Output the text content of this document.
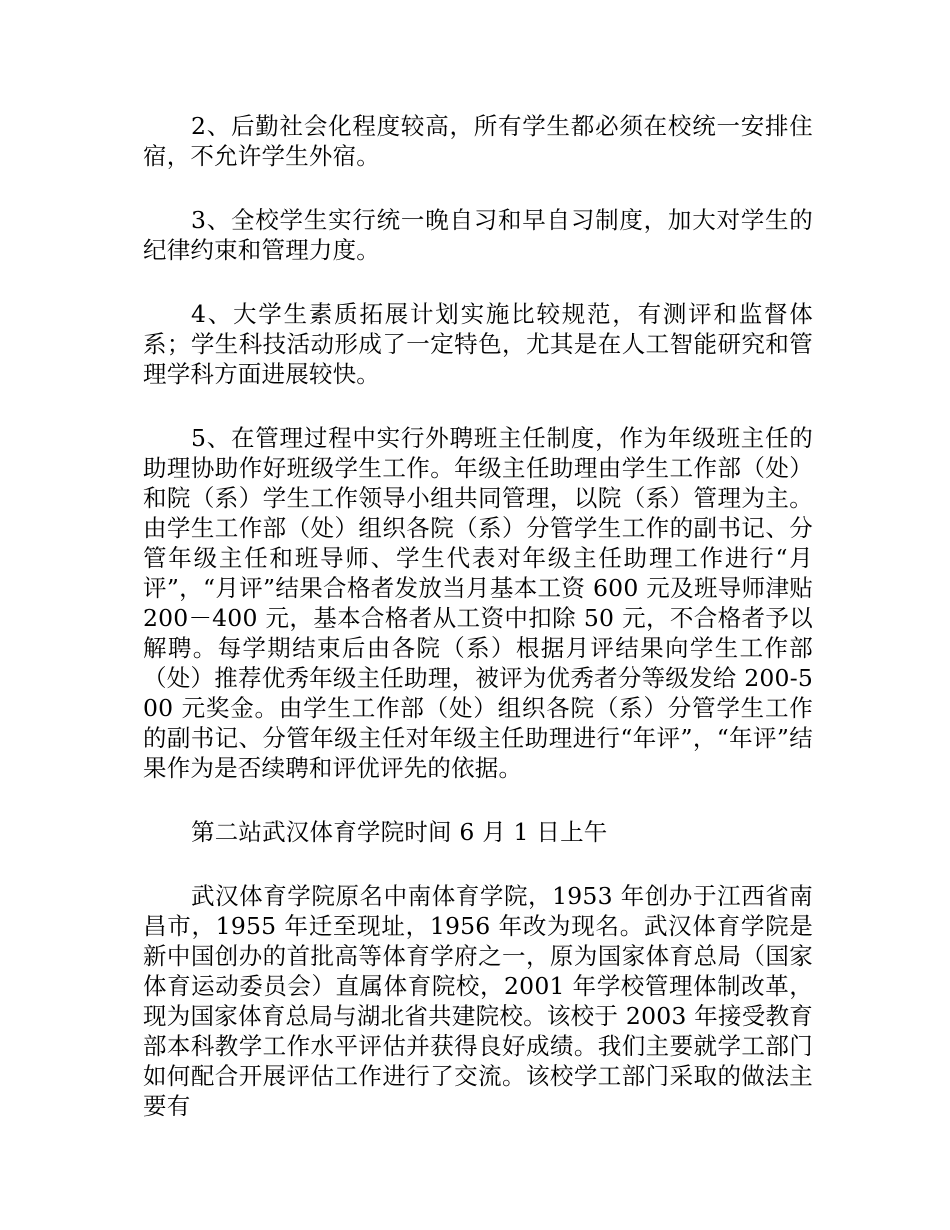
2、后勤社会化程度较高，所有学生都必须在校统一安排住宿，不允许学生外宿。

3、全校学生实行统一晚自习和早自习制度，加大对学生的纪律约束和管理力度。

4、大学生素质拓展计划实施比较规范，有测评和监督体系；学生科技活动形成了一定特色，尤其是在人工智能研究和管理学科方面进展较快。

5、在管理过程中实行外聘班主任制度，作为年级班主任的助理协助作好班级学生工作。年级主任助理由学生工作部（处）和院（系）学生工作领导小组共同管理，以院（系）管理为主。由学生工作部（处）组织各院（系）分管学生工作的副书记、分管年级主任和班导师、学生代表对年级主任助理工作进行“月评”，“月评”结果合格者发放当月基本工资 600 元及班导师津贴 200－400 元，基本合格者从工资中扣除 50 元，不合格者予以解聘。每学期结束后由各院（系）根据月评结果向学生工作部（处）推荐优秀年级主任助理，被评为优秀者分等级发给 200-500 元奖金。由学生工作部（处）组织各院（系）分管学生工作的副书记、分管年级主任对年级主任助理进行“年评”，“年评”结果作为是否续聘和评优评先的依据。

第二站武汉体育学院时间 6 月 1 日上午

武汉体育学院原名中南体育学院，1953 年创办于江西省南昌市，1955 年迁至现址，1956 年改为现名。武汉体育学院是新中国创办的首批高等体育学府之一，原为国家体育总局（国家体育运动委员会）直属体育院校，2001 年学校管理体制改革，现为国家体育总局与湖北省共建院校。该校于 2003 年接受教育部本科教学工作水平评估并获得良好成绩。我们主要就学工部门如何配合开展评估工作进行了交流。该校学工部门采取的做法主要有
